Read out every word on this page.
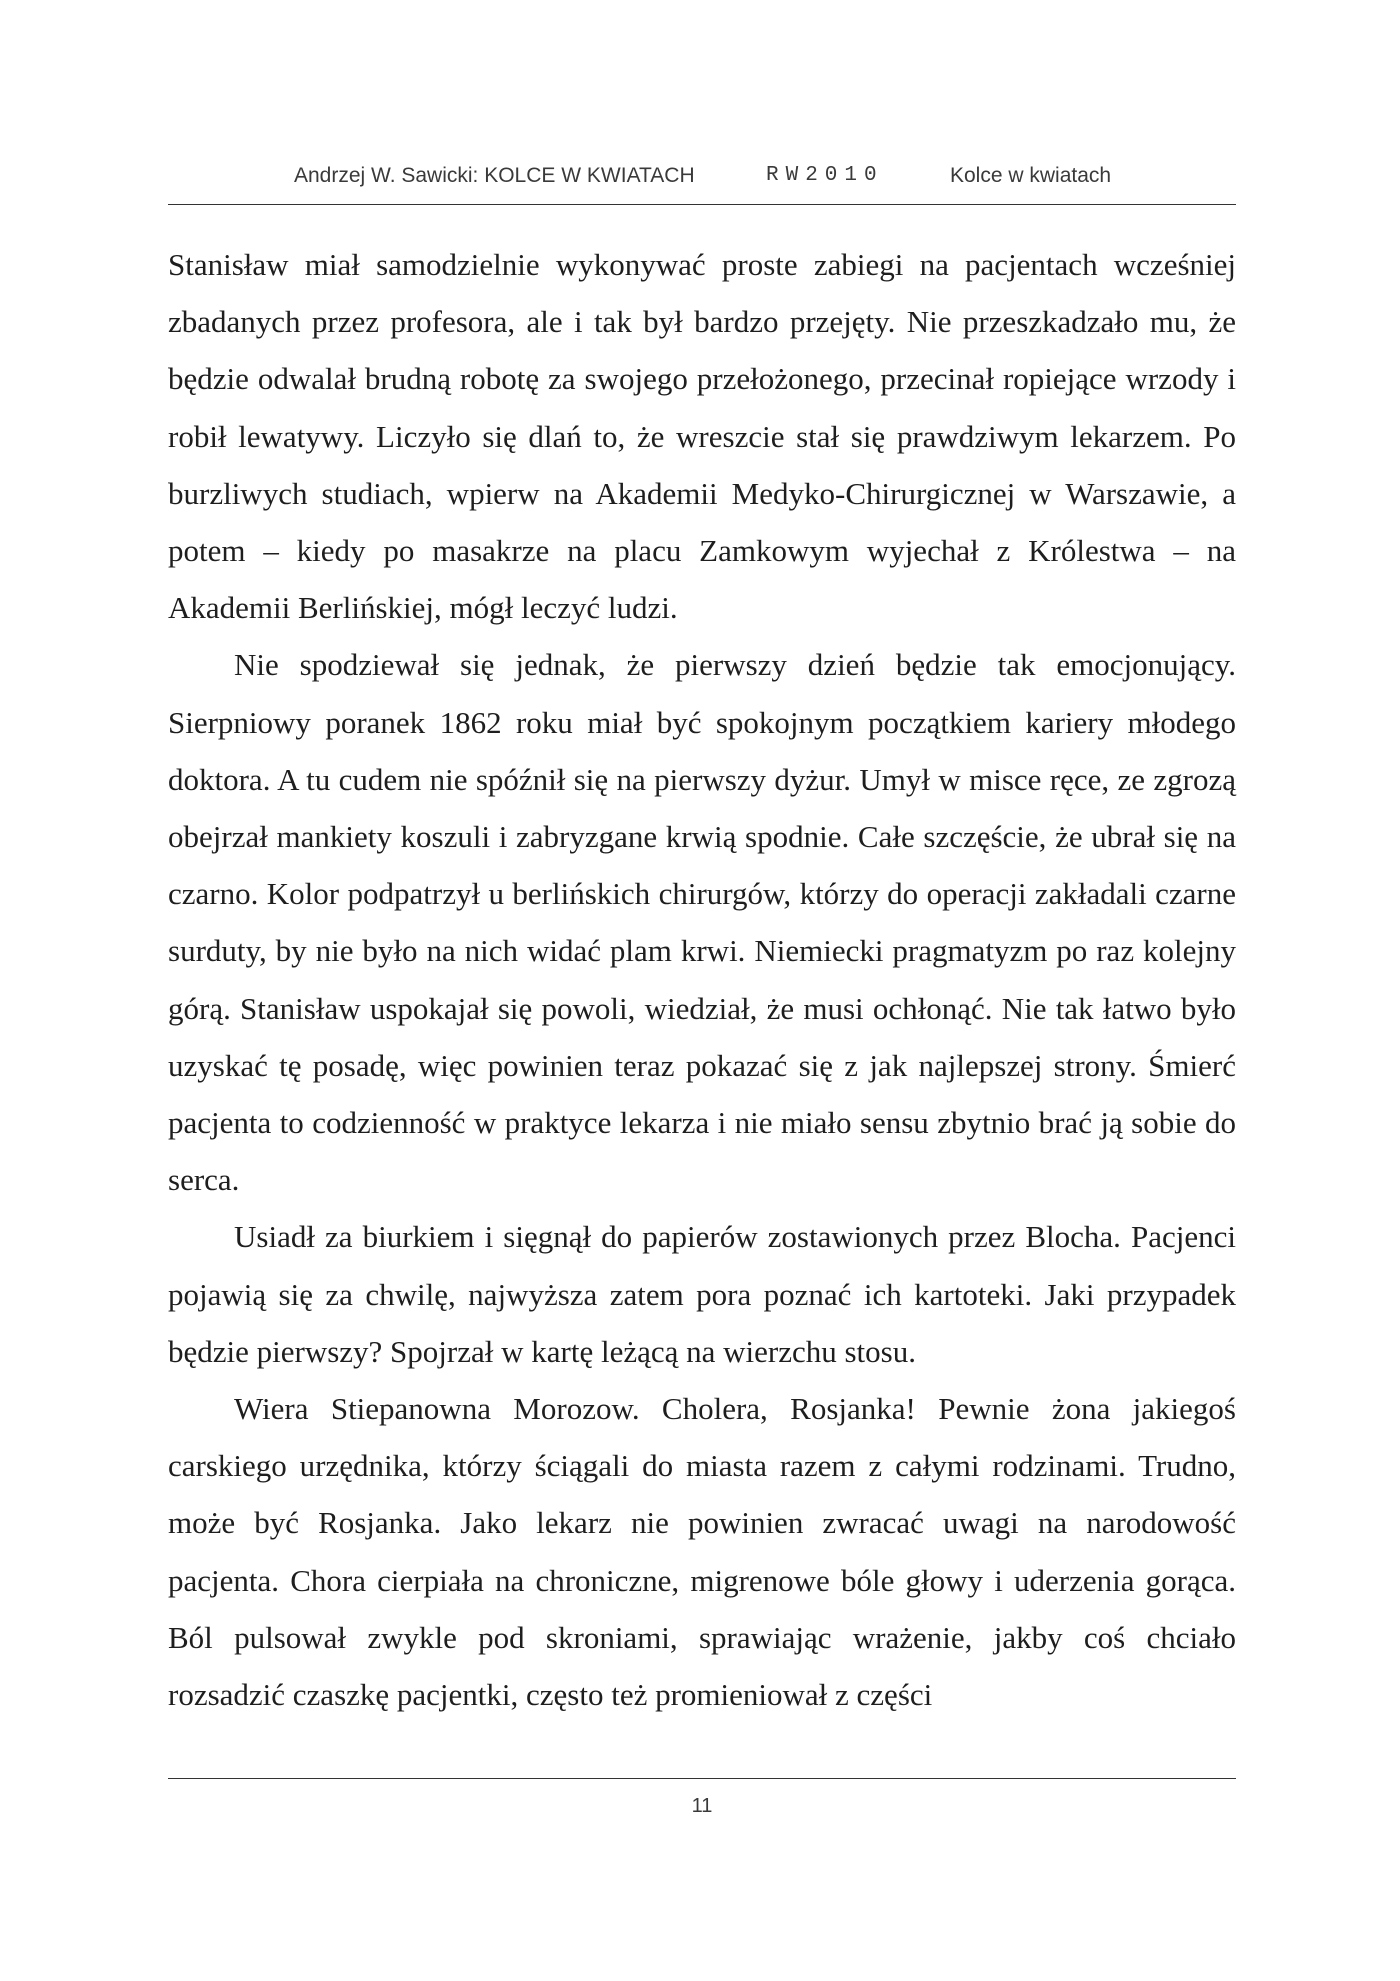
Andrzej W. Sawicki: KOLCE W KWIATACH	RW2010	Kolce w kwiatach

Stanisław miał samodzielnie wykonywać proste zabiegi na pacjentach wcześniej zbadanych przez profesora, ale i tak był bardzo przejęty. Nie przeszkadzało mu, że będzie odwalał brudną robotę za swojego przełożonego, przecinał ropiejące wrzody i robił lewatywy. Liczyło się dlań to, że wreszcie stał się prawdziwym lekarzem. Po burzliwych studiach, wpierw na Akademii Medyko-Chirurgicznej w Warszawie, a potem – kiedy po masakrze na placu Zamkowym wyjechał z Królestwa – na Akademii Berlińskiej, mógł leczyć ludzi.

Nie spodziewał się jednak, że pierwszy dzień będzie tak emocjonujący. Sierpniowy poranek 1862 roku miał być spokojnym początkiem kariery młodego doktora. A tu cudem nie spóźnił się na pierwszy dyżur. Umył w misce ręce, ze zgrozą obejrzał mankiety koszuli i zabryzgane krwią spodnie. Całe szczęście, że ubrał się na czarno. Kolor podpatrzył u berlińskich chirurgów, którzy do operacji zakładali czarne surduty, by nie było na nich widać plam krwi. Niemiecki pragmatyzm po raz kolejny górą. Stanisław uspokajał się powoli, wiedział, że musi ochłonąć. Nie tak łatwo było uzyskać tę posadę, więc powinien teraz pokazać się z jak najlepszej strony. Śmierć pacjenta to codzienność w praktyce lekarza i nie miało sensu zbytnio brać ją sobie do serca.

Usiadł za biurkiem i sięgnął do papierów zostawionych przez Blocha. Pacjenci pojawią się za chwilę, najwyższa zatem pora poznać ich kartoteki. Jaki przypadek będzie pierwszy? Spojrzał w kartę leżącą na wierzchu stosu.

Wiera Stiepanowna Morozow. Cholera, Rosjanka! Pewnie żona jakiegoś carskiego urzędnika, którzy ściągali do miasta razem z całymi rodzinami. Trudno, może być Rosjanka. Jako lekarz nie powinien zwracać uwagi na narodowość pacjenta. Chora cierpiała na chroniczne, migrenowe bóle głowy i uderzenia gorąca. Ból pulsował zwykle pod skroniami, sprawiając wrażenie, jakby coś chciało rozsadzić czaszkę pacjentki, często też promieniował z części

11
